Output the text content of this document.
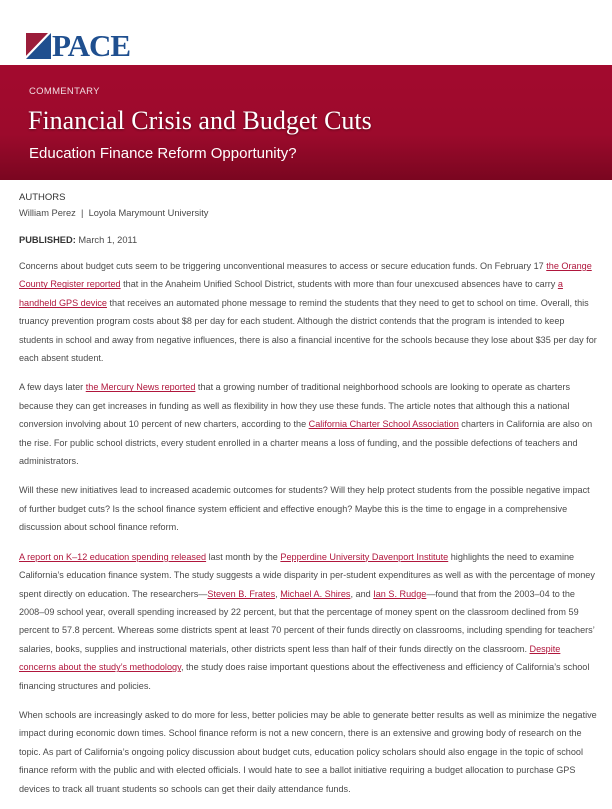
PACE
COMMENTARY
Financial Crisis and Budget Cuts
Education Finance Reform Opportunity?
AUTHORS
William Perez  |  Loyola Marymount University
PUBLISHED: March 1, 2011

Concerns about budget cuts seem to be triggering unconventional measures to access or secure education funds. On February 17 the Orange County Register reported that in the Anaheim Unified School District, students with more than four unexcused absences have to carry a handheld GPS device that receives an automated phone message to remind the students that they need to get to school on time. Overall, this truancy prevention program costs about $8 per day for each student. Although the district contends that the program is intended to keep students in school and away from negative influences, there is also a financial incentive for the schools because they lose about $35 per day for each absent student.

A few days later the Mercury News reported that a growing number of traditional neighborhood schools are looking to operate as charters because they can get increases in funding as well as flexibility in how they use these funds. The article notes that although this a national conversion involving about 10 percent of new charters, according to the California Charter School Association charters in California are also on the rise. For public school districts, every student enrolled in a charter means a loss of funding, and the possible defections of teachers and administrators.

Will these new initiatives lead to increased academic outcomes for students? Will they help protect students from the possible negative impact of further budget cuts? Is the school finance system efficient and effective enough? Maybe this is the time to engage in a comprehensive discussion about school finance reform.

A report on K–12 education spending released last month by the Pepperdine University Davenport Institute highlights the need to examine California’s education finance system. The study suggests a wide disparity in per-student expenditures as well as with the percentage of money spent directly on education. The researchers—Steven B. Frates, Michael A. Shires, and Ian S. Rudge—found that from the 2003–04 to the 2008–09 school year, overall spending increased by 22 percent, but that the percentage of money spent on the classroom declined from 59 percent to 57.8 percent. Whereas some districts spent at least 70 percent of their funds directly on classrooms, including spending for teachers’ salaries, books, supplies and instructional materials, other districts spent less than half of their funds directly on the classroom. Despite concerns about the study’s methodology, the study does raise important questions about the effectiveness and efficiency of California’s school financing structures and policies.

When schools are increasingly asked to do more for less, better policies may be able to generate better results as well as minimize the negative impact during economic down times. School finance reform is not a new concern, there is an extensive and growing body of research on the topic. As part of California’s ongoing policy discussion about budget cuts, education policy scholars should also engage in the topic of school finance reform with the public and with elected officials. I would hate to see a ballot initiative requiring a budget allocation to purchase GPS devices to track all truant students so schools can get their daily attendance funds.
